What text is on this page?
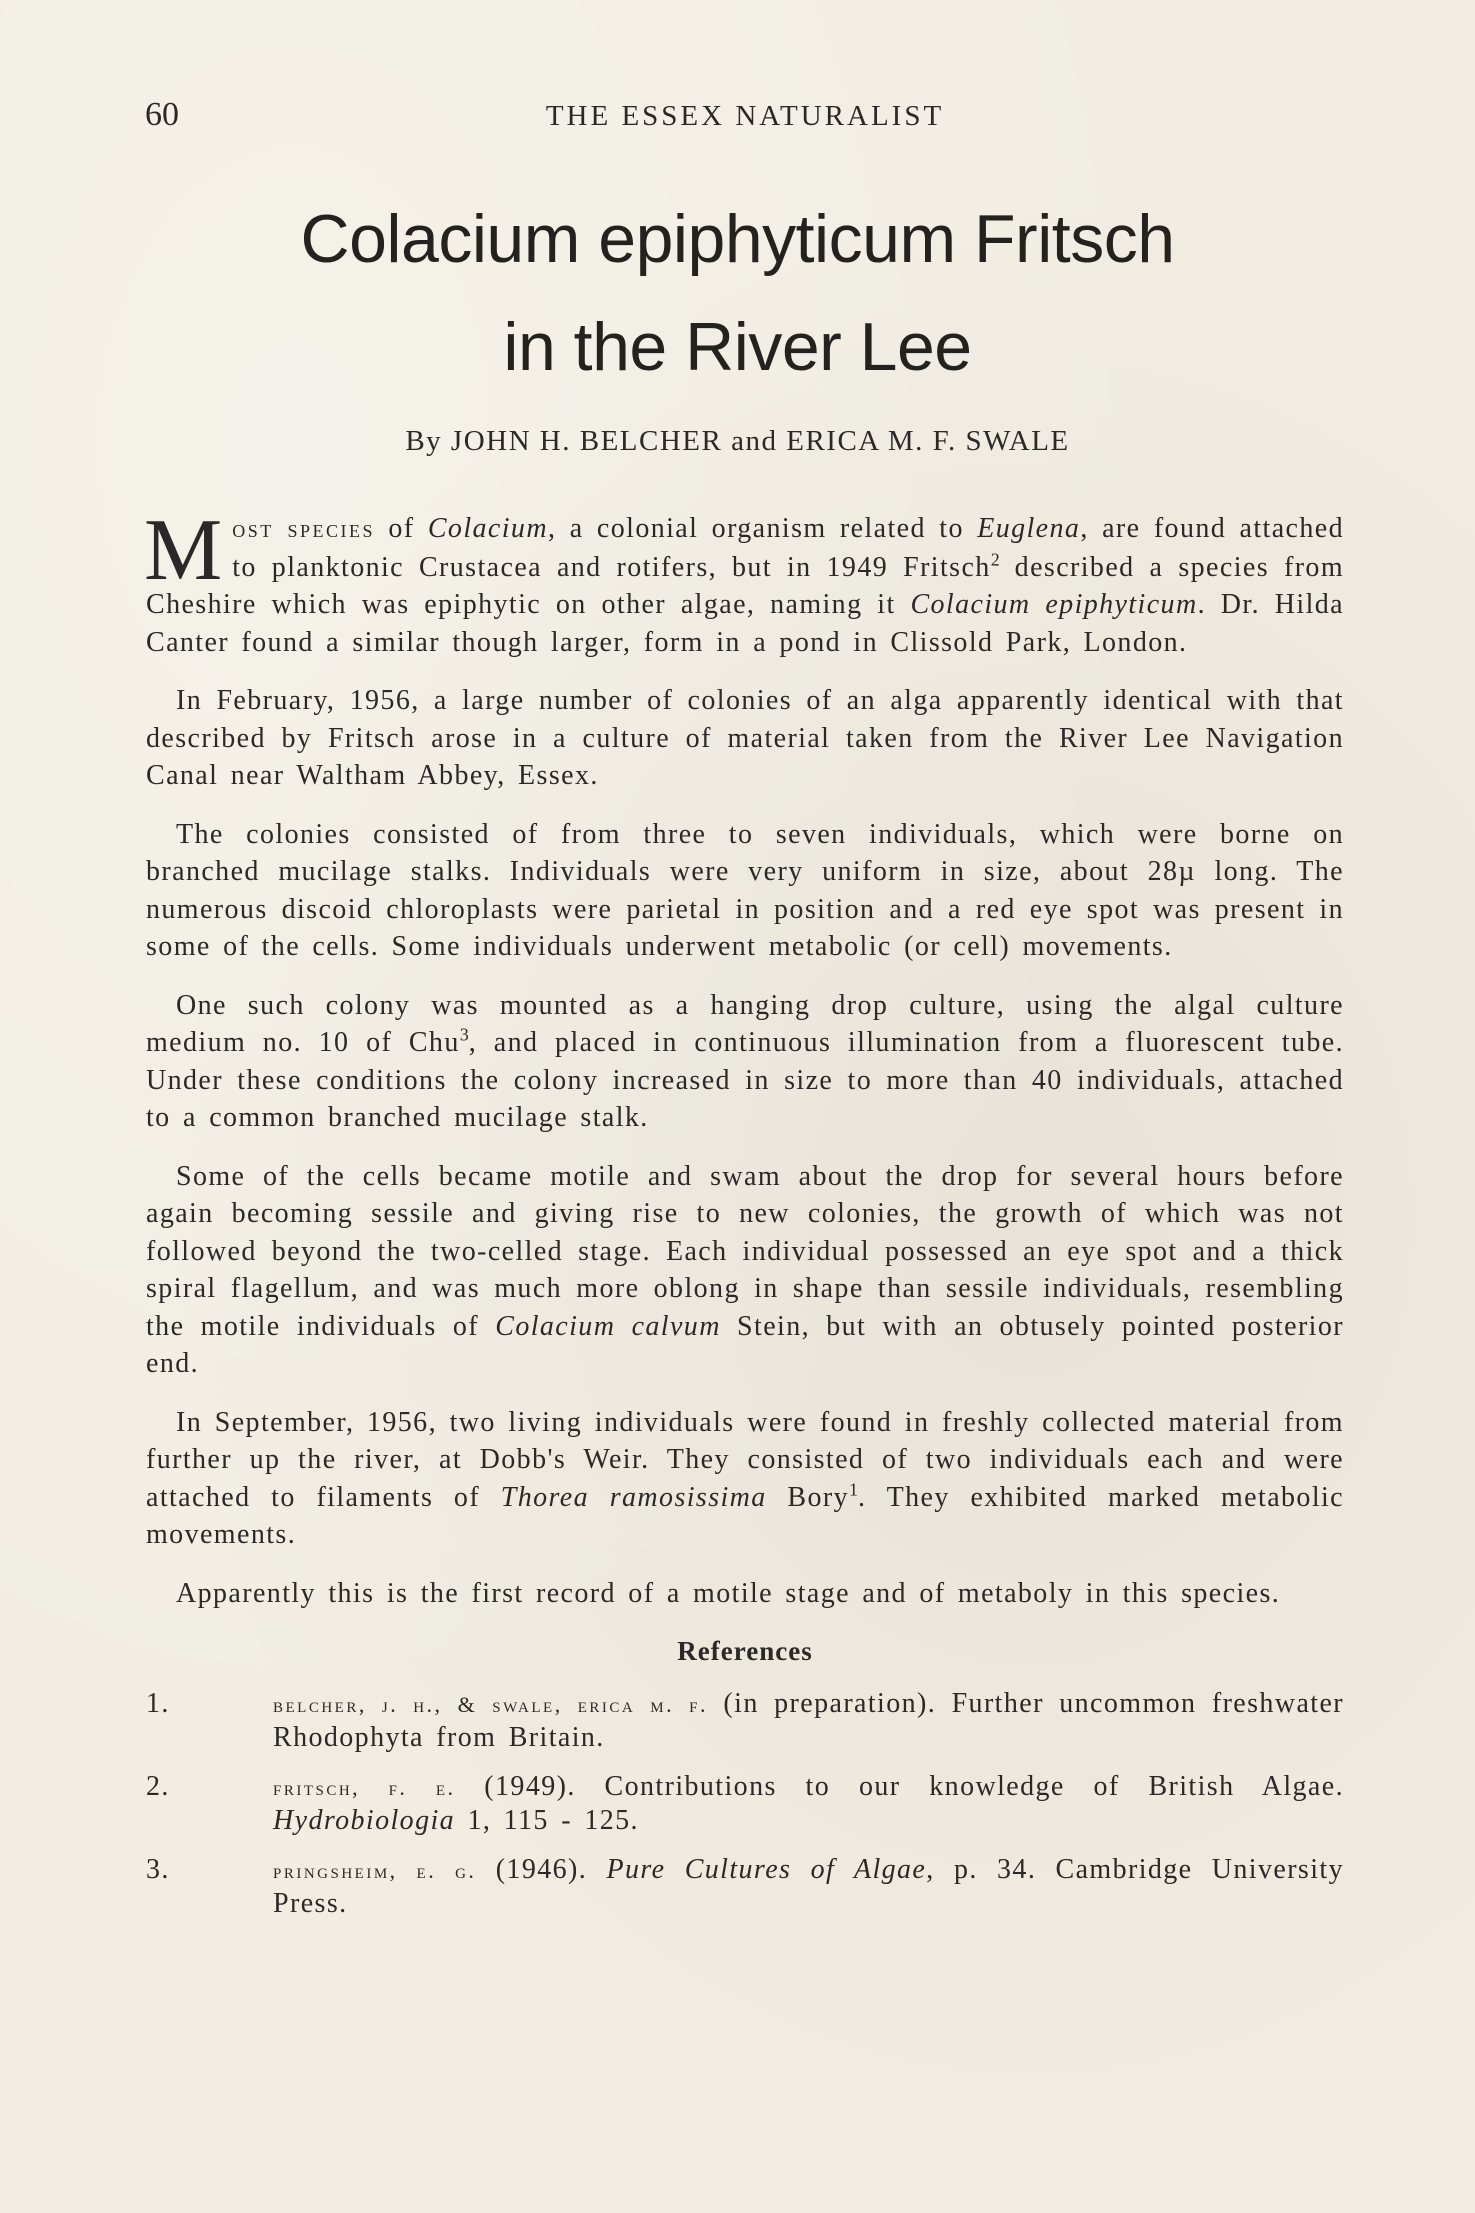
60	THE ESSEX NATURALIST
Colacium epiphyticum Fritsch
in the River Lee
By JOHN H. BELCHER and ERICA M. F. SWALE

Most species of Colacium, a colonial organism related to Euglena, are found attached to planktonic Crustacea and rotifers, but in 1949 Fritsch$^2$ described a species from Cheshire which was epiphytic on other algae, naming it Colacium epiphyticum. Dr. Hilda Canter found a similar though larger, form in a pond in Clissold Park, London.

In February, 1956, a large number of colonies of an alga apparently identical with that described by Fritsch arose in a culture of material taken from the River Lee Navigation Canal near Waltham Abbey, Essex.

The colonies consisted of from three to seven individuals, which were borne on branched mucilage stalks. Individuals were very uniform in size, about 28µ long. The numerous discoid chloroplasts were parietal in position and a red eye spot was present in some of the cells. Some individuals underwent metabolic (or cell) movements.

One such colony was mounted as a hanging drop culture, using the algal culture medium no. 10 of Chu$^3$, and placed in continuous illumination from a fluorescent tube. Under these conditions the colony increased in size to more than 40 individuals, attached to a common branched mucilage stalk.

Some of the cells became motile and swam about the drop for several hours before again becoming sessile and giving rise to new colonies, the growth of which was not followed beyond the two-celled stage. Each individual possessed an eye spot and a thick spiral flagellum, and was much more oblong in shape than sessile individuals, resembling the motile individuals of Colacium calvum Stein, but with an obtusely pointed posterior end.

In September, 1956, two living individuals were found in freshly collected material from further up the river, at Dobb's Weir. They consisted of two individuals each and were attached to filaments of Thorea ramosissima Bory$^1$. They exhibited marked metabolic movements.

Apparently this is the first record of a motile stage and of metaboly in this species.

References
1.	belcher, j. h., & swale, erica m. f. (in preparation). Further uncommon freshwater Rhodophyta from Britain.
2.	fritsch, f. e. (1949). Contributions to our knowledge of British Algae. Hydrobiologia 1, 115 - 125.
3.	pringsheim, e. g. (1946). Pure Cultures of Algae, p. 34. Cambridge University Press.
